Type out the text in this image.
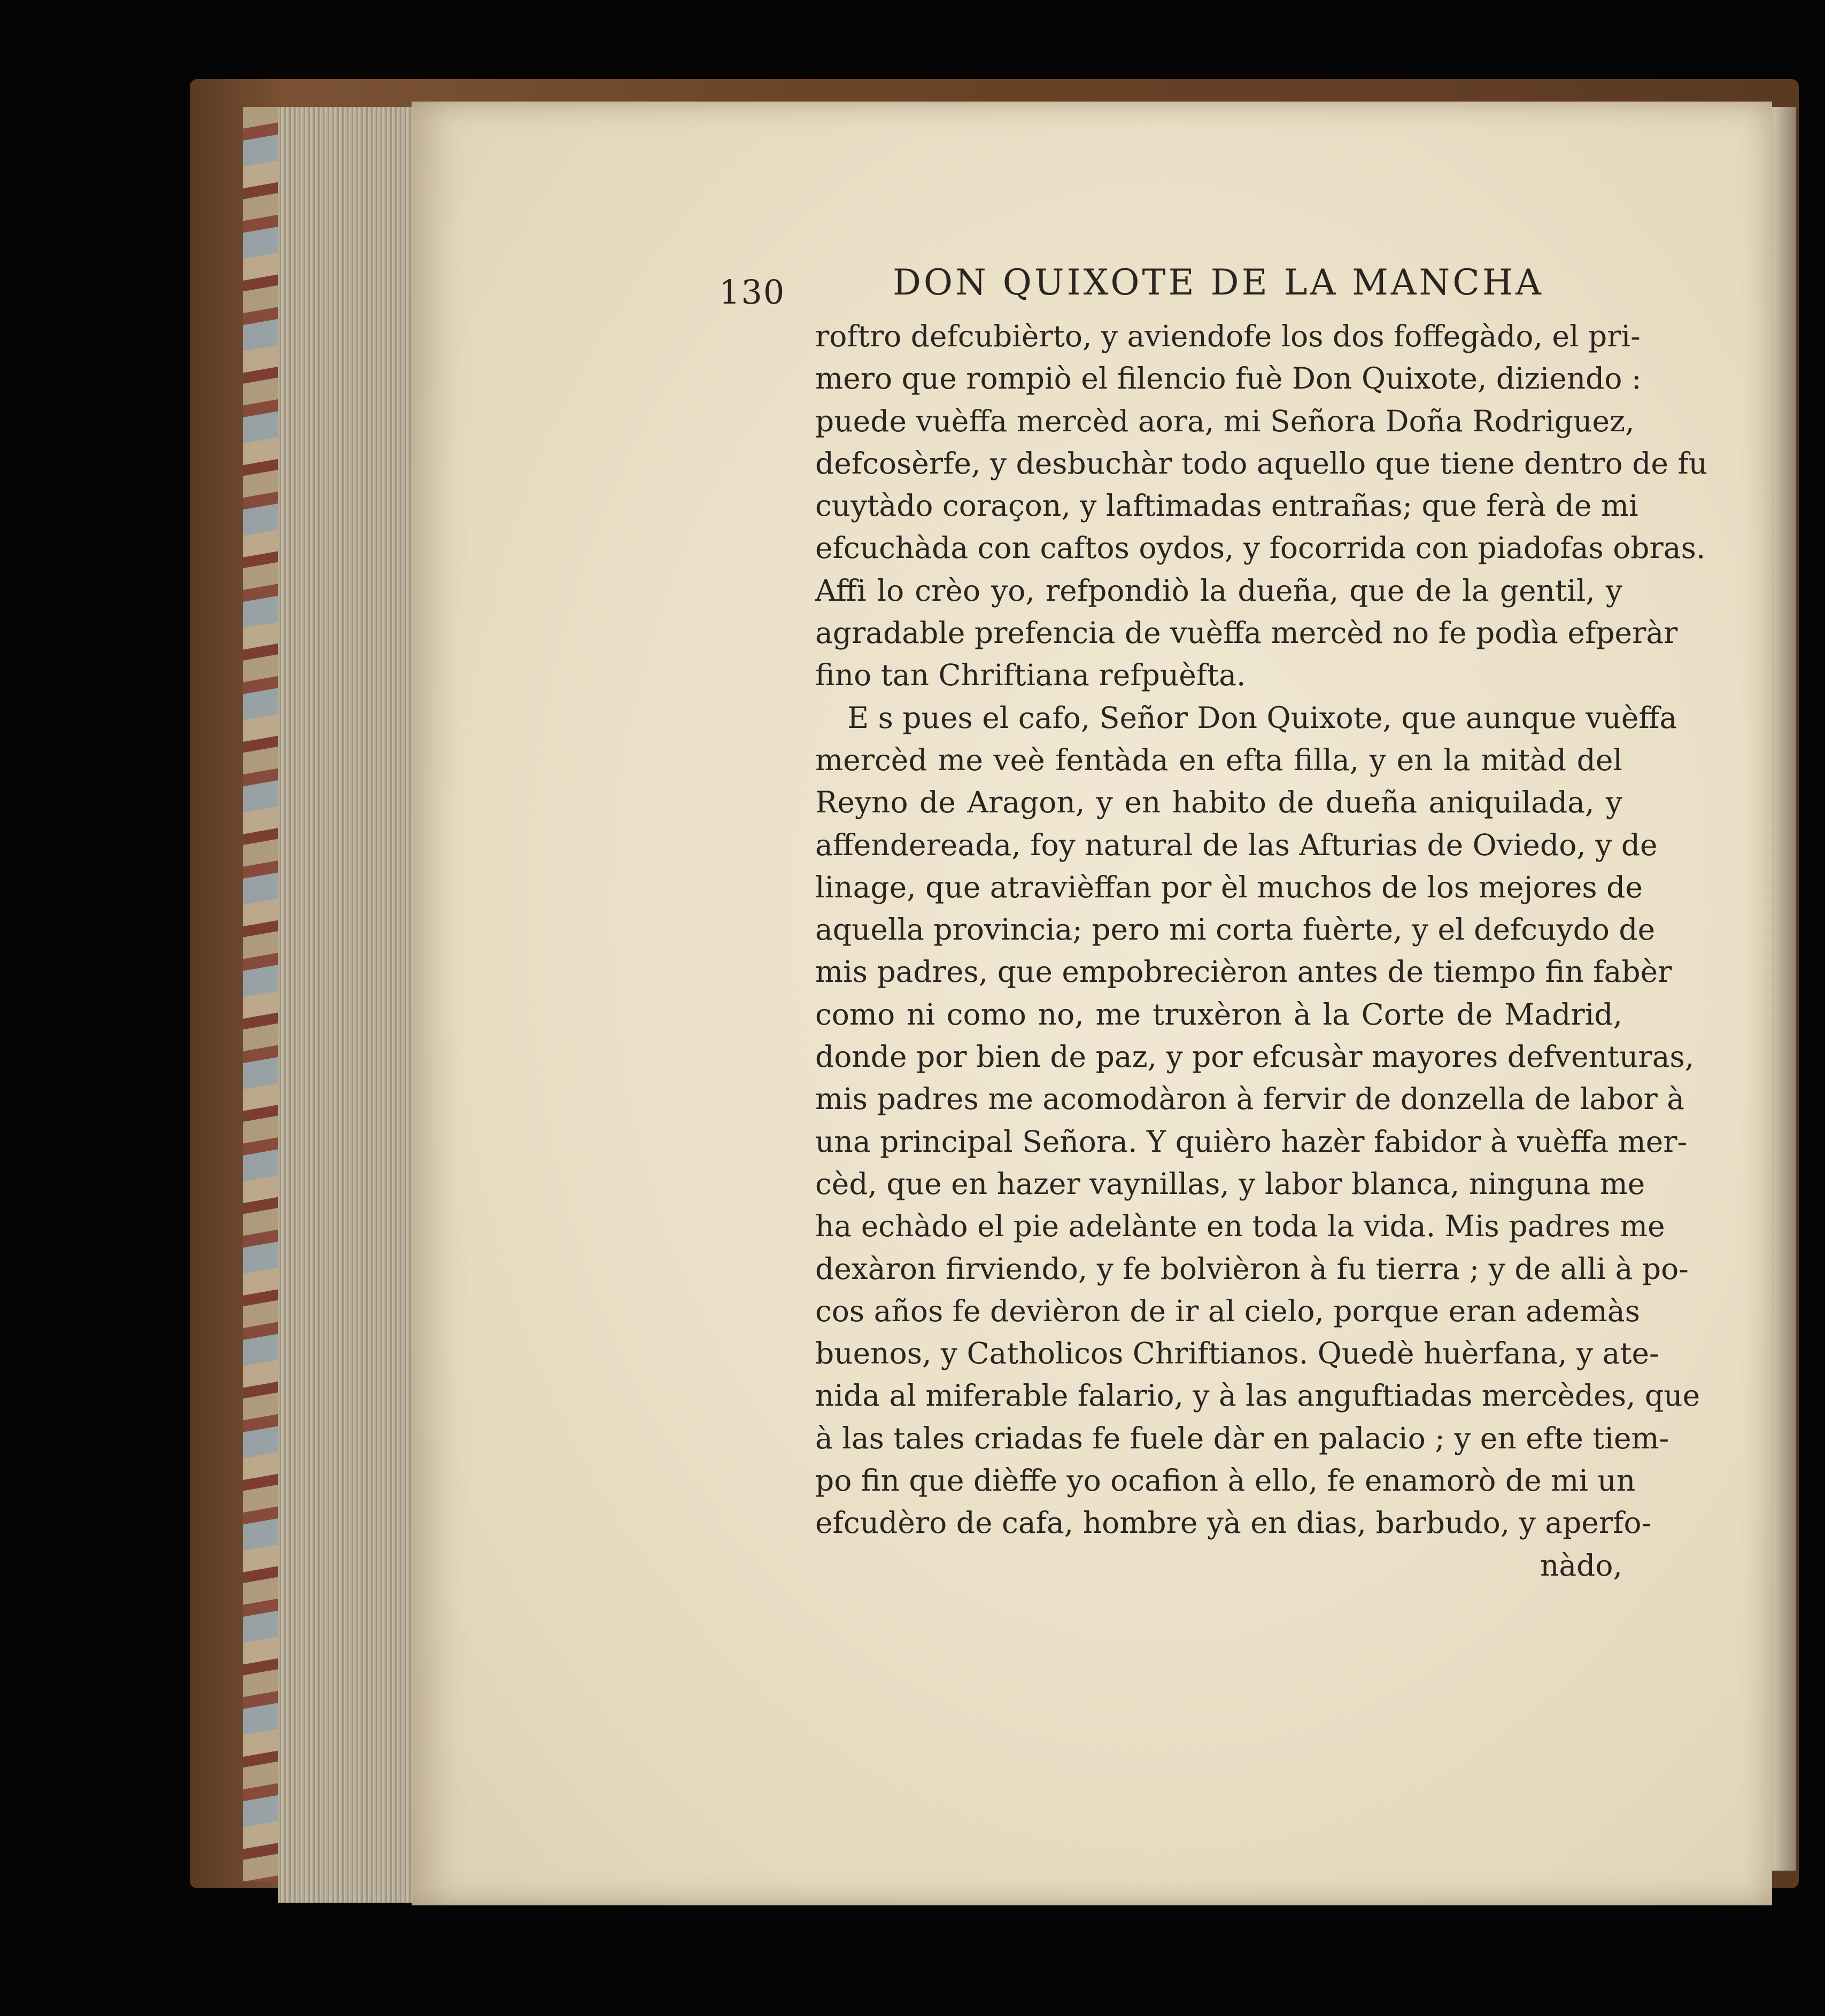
130	DON QUIXOTE DE LA MANCHA
roftro defcubièrto, y aviendofe los dos foffegàdo, el pri-
mero que rompiò el filencio fuè Don Quixote, diziendo :
puede vuèffa mercèd aora, mi Señora Doña Rodriguez,
defcosèrfe, y desbuchàr todo aquello que tiene dentro de fu
cuytàdo coraçon, y laftimadas entrañas; que ferà de mi
efcuchàda con caftos oydos, y focorrida con piadofas obras.
Affi lo crèo yo, refpondiò la dueña, que de la gentil, y
agradable prefencia de vuèffa mercèd no fe podìa efperàr
fino tan Chriftiana refpuèfta.
E s pues el cafo, Señor Don Quixote, que aunque vuèffa
mercèd me veè fentàda en efta filla, y en la mitàd del
Reyno de Aragon, y en habito de dueña aniquilada, y
affendereada, foy natural de las Afturias de Oviedo, y de
linage, que atravièffan por èl muchos de los mejores de
aquella provincia; pero mi corta fuèrte, y el defcuydo de
mis padres, que empobrecièron antes de tiempo fin fabèr
como ni como no, me truxèron à la Corte de Madrid,
donde por bien de paz, y por efcusàr mayores defventuras,
mis padres me acomodàron à fervir de donzella de labor à
una principal Señora. Y quièro hazèr fabidor à vuèffa mer-
cèd, que en hazer vaynillas, y labor blanca, ninguna me
ha echàdo el pie adelànte en toda la vida. Mis padres me
dexàron firviendo, y fe bolvièron à fu tierra ; y de alli à po-
cos años fe devièron de ir al cielo, porque eran ademàs
buenos, y Catholicos Chriftianos. Quedè huèrfana, y ate-
nida al miferable falario, y à las anguftiadas mercèdes, que
à las tales criadas fe fuele dàr en palacio ; y en efte tiem-
po fin que dièffe yo ocafion à ello, fe enamorò de mi un
efcudèro de cafa, hombre yà en dias, barbudo, y aperfo-
nàdo,
